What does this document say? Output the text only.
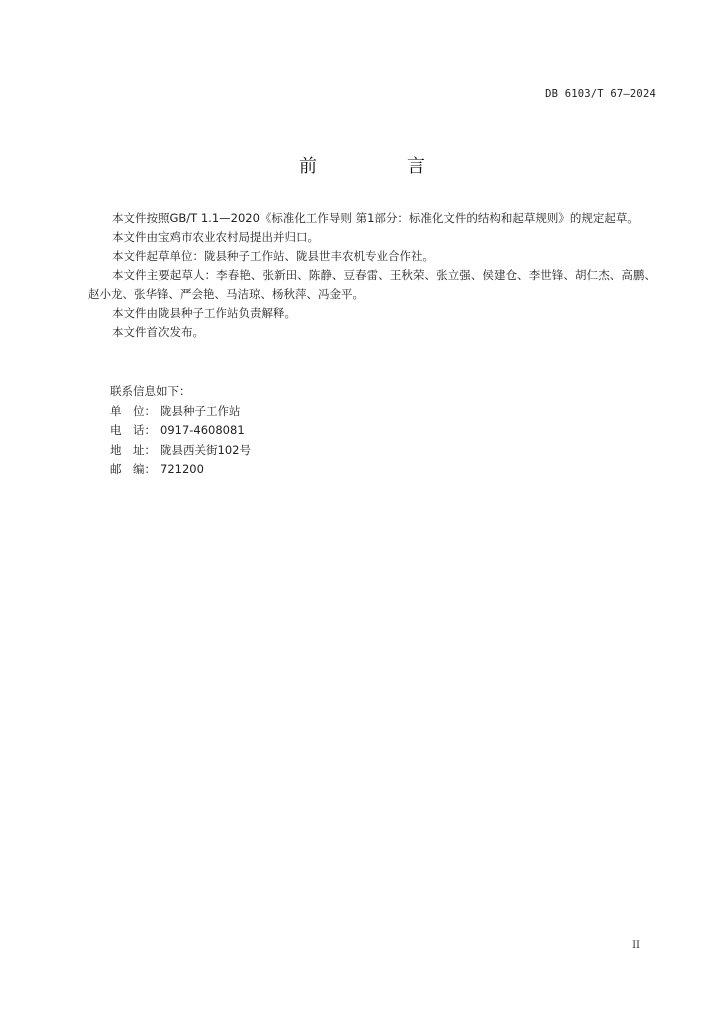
DB 6103/T 67—2024
前　言

本文件按照GB/T 1.1—2020《标准化工作导则 第1部分：标准化文件的结构和起草规则》的规定起草。

本文件由宝鸡市农业农村局提出并归口。

本文件起草单位：陇县种子工作站、陇县世丰农机专业合作社。

本文件主要起草人：李春艳、张新田、陈静、豆春雷、王秋荣、张立强、侯建仓、李世锋、胡仁杰、高鹏、赵小龙、张华锋、严会艳、马洁琼、杨秋萍、冯金平。

本文件由陇县种子工作站负责解释。

本文件首次发布。

联系信息如下：
单　位： 陇县种子工作站
电　话： 0917-4608081
地　址： 陇县西关街102号
邮　编： 721200
II
